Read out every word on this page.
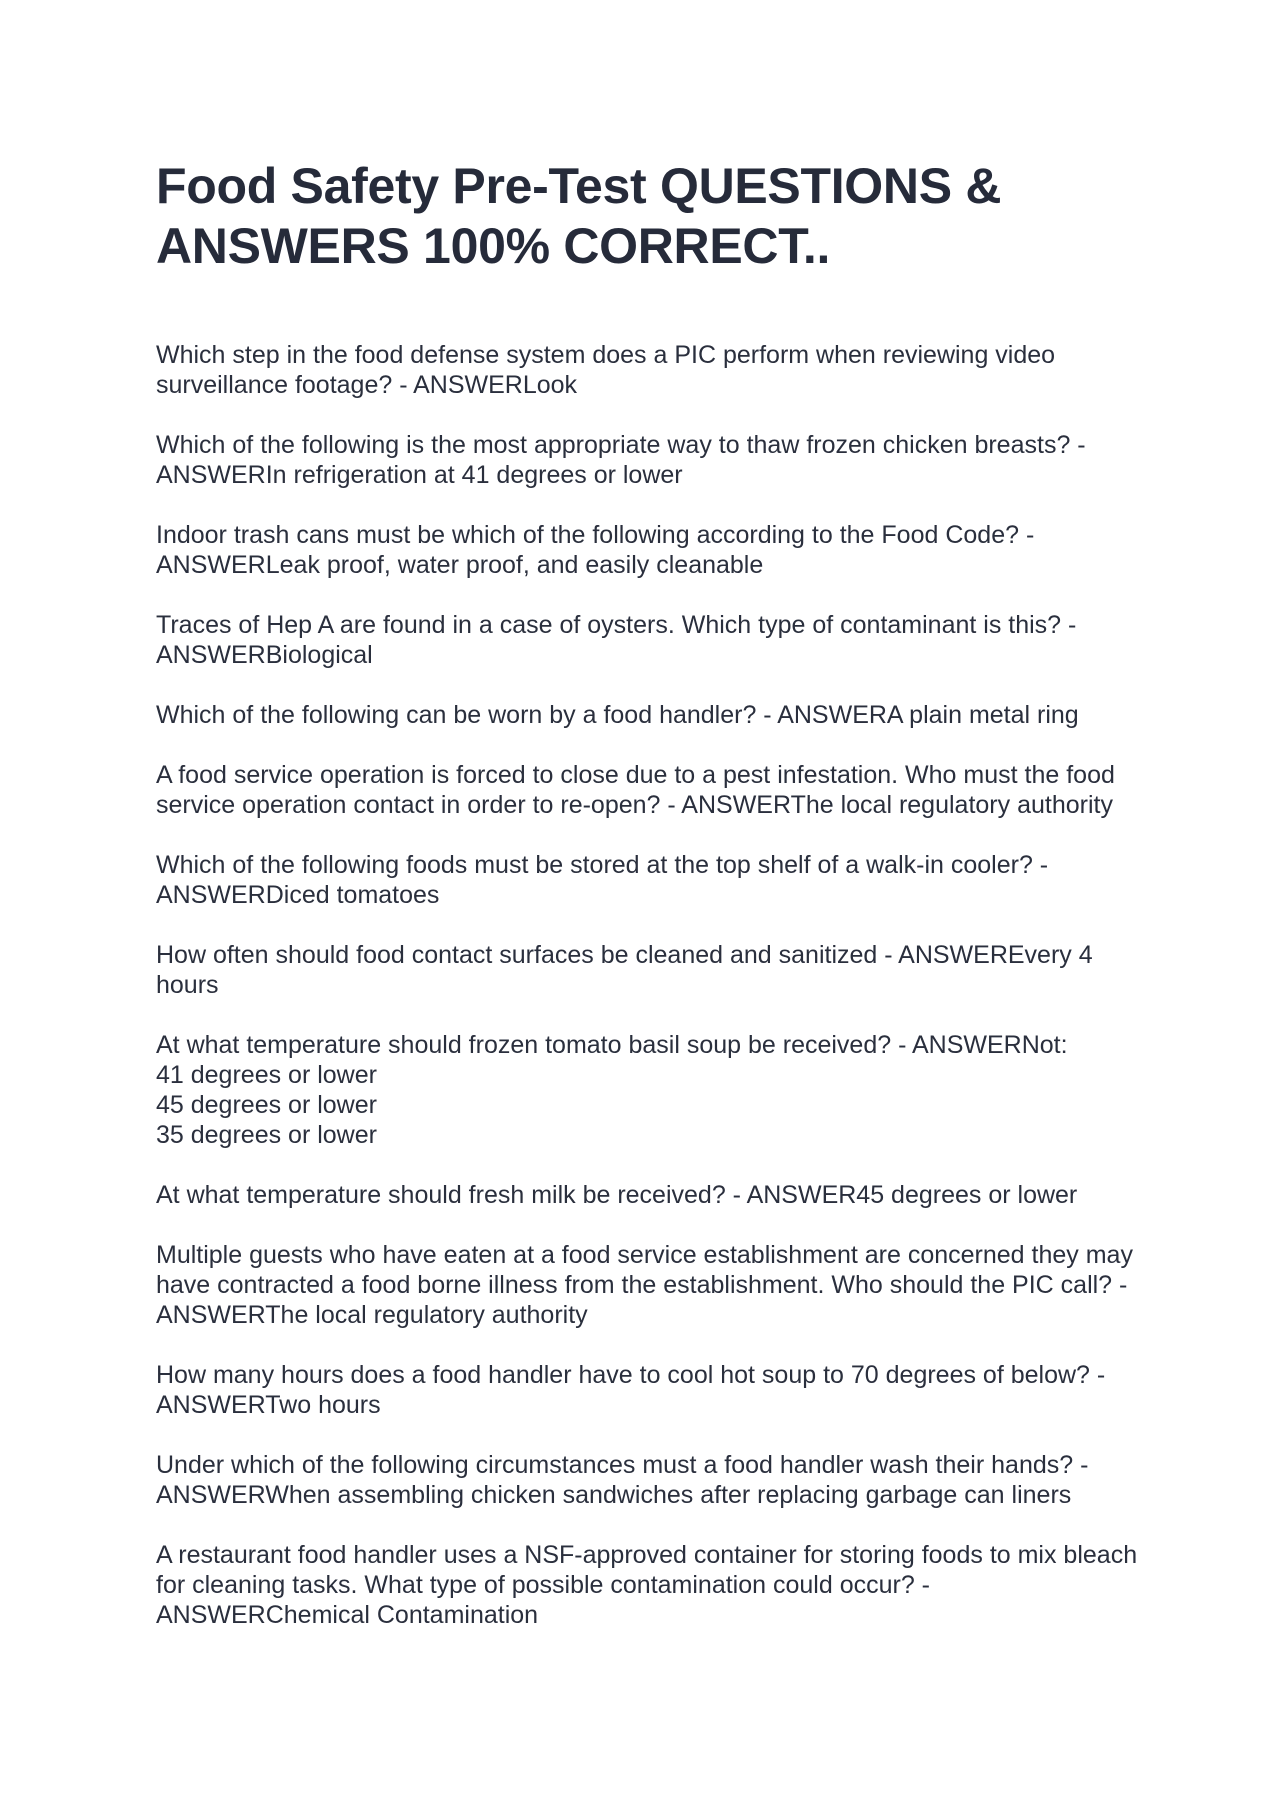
Food Safety Pre-Test QUESTIONS & ANSWERS 100% CORRECT..

Which step in the food defense system does a PIC perform when reviewing video surveillance footage? - ANSWERLook

Which of the following is the most appropriate way to thaw frozen chicken breasts? - ANSWERIn refrigeration at 41 degrees or lower

Indoor trash cans must be which of the following according to the Food Code? - ANSWERLeak proof, water proof, and easily cleanable

Traces of Hep A are found in a case of oysters. Which type of contaminant is this? - ANSWERBiological

Which of the following can be worn by a food handler? - ANSWERA plain metal ring

A food service operation is forced to close due to a pest infestation. Who must the food service operation contact in order to re-open? - ANSWERThe local regulatory authority

Which of the following foods must be stored at the top shelf of a walk-in cooler? - ANSWERDiced tomatoes

How often should food contact surfaces be cleaned and sanitized - ANSWEREvery 4 hours

At what temperature should frozen tomato basil soup be received? - ANSWERNot:
41 degrees or lower
45 degrees or lower
35 degrees or lower

At what temperature should fresh milk be received? - ANSWER45 degrees or lower

Multiple guests who have eaten at a food service establishment are concerned they may have contracted a food borne illness from the establishment. Who should the PIC call? - ANSWERThe local regulatory authority

How many hours does a food handler have to cool hot soup to 70 degrees of below? - ANSWERTwo hours

Under which of the following circumstances must a food handler wash their hands? - ANSWERWhen assembling chicken sandwiches after replacing garbage can liners

A restaurant food handler uses a NSF-approved container for storing foods to mix bleach for cleaning tasks. What type of possible contamination could occur? - ANSWERChemical Contamination
